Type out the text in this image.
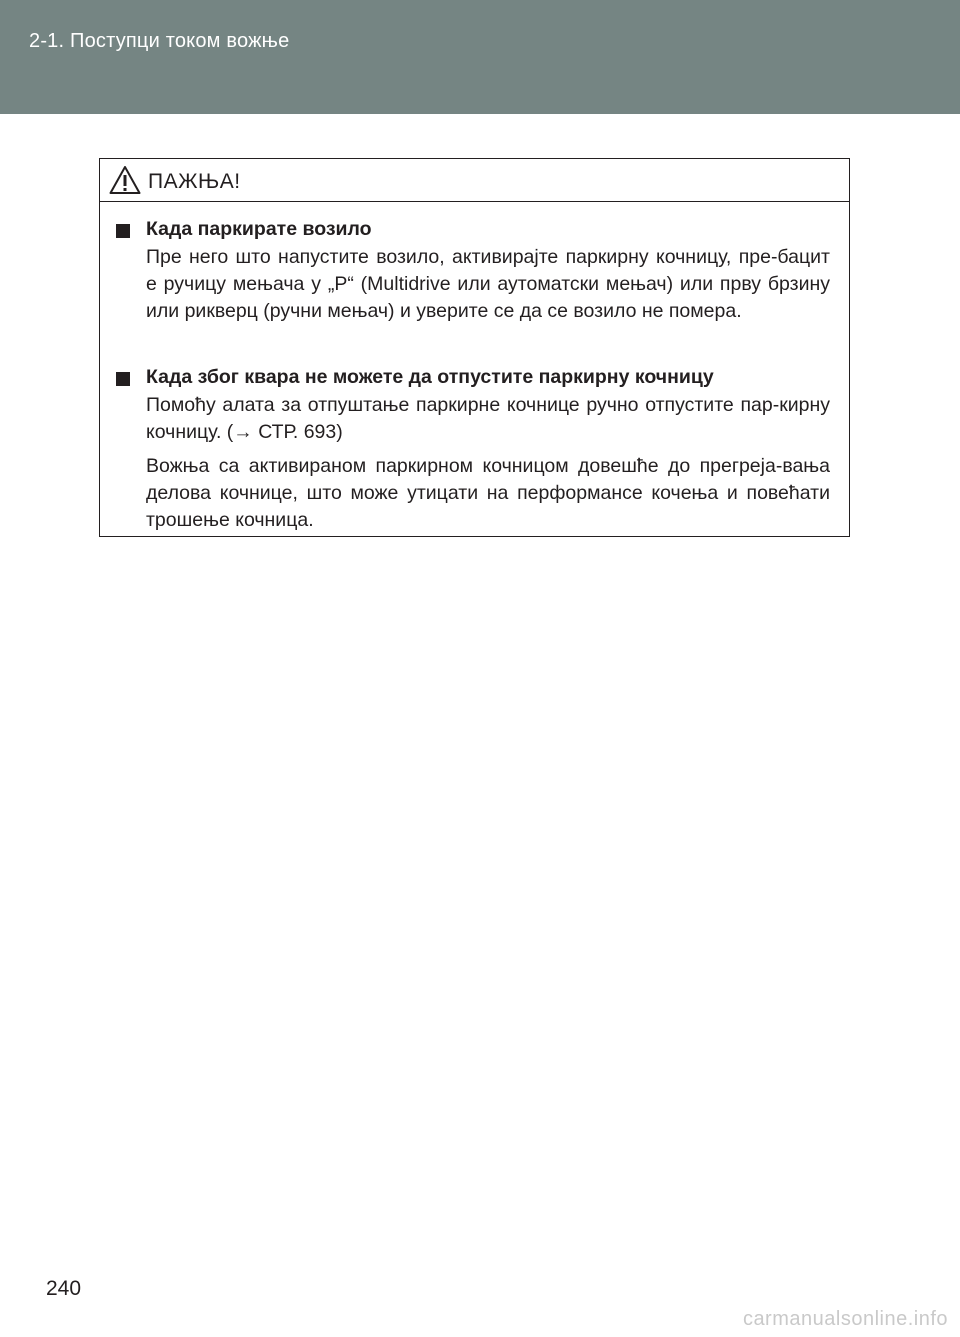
2-1. Поступци током вожње
ПАЖЊА!
Када паркирате возило
Пре него што напустите возило, активирајте паркирну кочницу, пре-бацит е ручицу мењача у „P“ (Multidrive или аутоматски мењач) или прву брзину или рикверц (ручни мењач) и уверите се да се возило не помера.
Када због квара не можете да отпустите паркирну кочницу
Помоћу алата за отпуштање паркирне кочнице ручно отпустите пар-кирну кочницу. (→ СТР. 693)
Вожња са активираном паркирном кочницом довешће до прегреја-вања делова кочнице, што може утицати на перформансе кочења и повећати трошење кочница.
240
carmanualsonline.info
